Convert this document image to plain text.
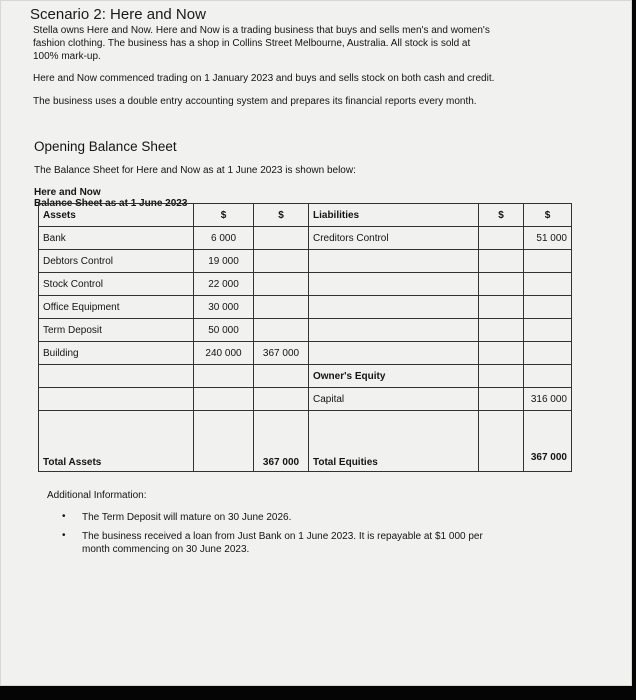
Scenario 2: Here and Now

Stella owns Here and Now. Here and Now is a trading business that buys and sells men's and women's

fashion clothing. The business has a shop in Collins Street Melbourne, Australia. All stock is sold at

100% mark-up.

Here and Now commenced trading on 1 January 2023 and buys and sells stock on both cash and credit.

The business uses a double entry accounting system and prepares its financial reports every month.

Opening Balance Sheet
The Balance Sheet for Here and Now as at 1 June 2023 is shown below:
Here and Now
Balance Sheet as at 1 June 2023
Assets	$	$	Liabilities	$	$
Bank	6 000		Creditors Control		51 000
Debtors Control	19 000				
Stock Control	22 000				
Office Equipment	30 000				
Term Deposit	50 000				
Building	240 000	367 000			
			Owner's Equity		
			Capital		316 000
Total Assets		367 000	Total Equities		367 000
Additional Information:
• The Term Deposit will mature on 30 June 2026.
• The business received a loan from Just Bank on 1 June 2023. It is repayable at $1 000 per
month commencing on 30 June 2023.
